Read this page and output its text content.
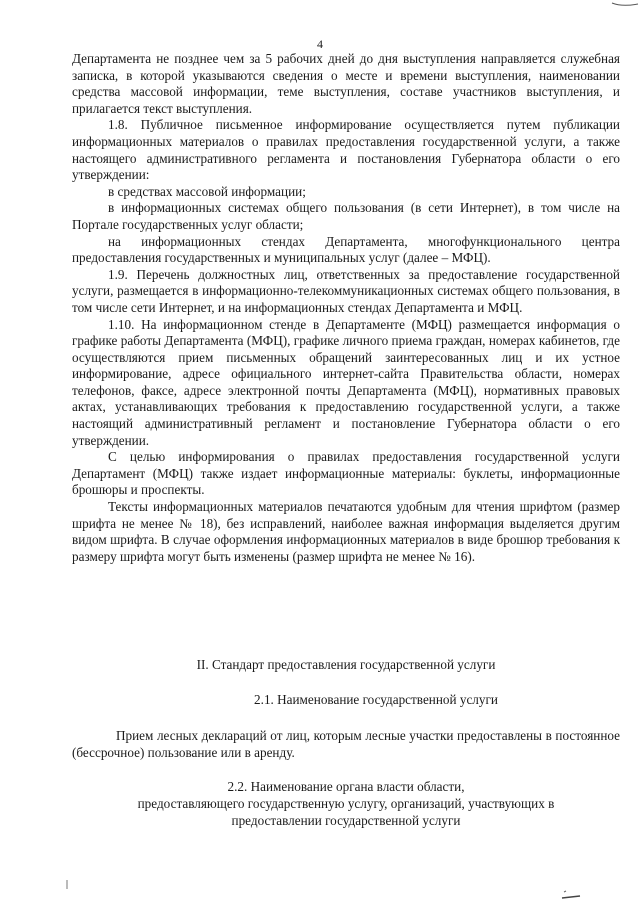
4

Департамента не позднее чем за 5 рабочих дней до дня выступления направляется служебная записка, в которой указываются сведения о месте и времени выступления, наименовании средства массовой информации, теме выступления, составе участников выступления, и прилагается текст выступления.

1.8. Публичное письменное информирование осуществляется путем публикации информационных материалов о правилах предоставления государственной услуги, а также настоящего административного регламента и постановления Губернатора области о его утверждении:

в средствах массовой информации;

в информационных системах общего пользования (в сети Интернет), в том числе на Портале государственных услуг области;

на информационных стендах Департамента, многофункционального центра предоставления государственных и муниципальных услуг (далее – МФЦ).

1.9. Перечень должностных лиц, ответственных за предоставление государственной услуги, размещается в информационно-телекоммуникационных системах общего пользования, в том числе сети Интернет, и на информационных стендах Департамента и МФЦ.

1.10. На информационном стенде в Департаменте (МФЦ) размещается информация о графике работы Департамента (МФЦ), графике личного приема граждан, номерах кабинетов, где осуществляются прием письменных обращений заинтересованных лиц и их устное информирование, адресе официального интернет-сайта Правительства области, номерах телефонов, факсе, адресе электронной почты Департамента (МФЦ), нормативных правовых актах, устанавливающих требования к предоставлению государственной услуги, а также настоящий административный регламент и постановление Губернатора области о его утверждении.

С целью информирования о правилах предоставления государственной услуги Департамент (МФЦ) также издает информационные материалы: буклеты, информационные брошюры и проспекты.

Тексты информационных материалов печатаются удобным для чтения шрифтом (размер шрифта не менее № 18), без исправлений, наиболее важная информация выделяется другим видом шрифта. В случае оформления информационных материалов в виде брошюр требования к размеру шрифта могут быть изменены (размер шрифта не менее № 16).

II. Стандарт предоставления государственной услуги
2.1. Наименование государственной услуги

Прием лесных деклараций от лиц, которым лесные участки предоставлены в постоянное (бессрочное) пользование или в аренду.

2.2. Наименование органа власти области,
предоставляющего государственную услугу, организаций, участвующих в
предоставлении государственной услуги
